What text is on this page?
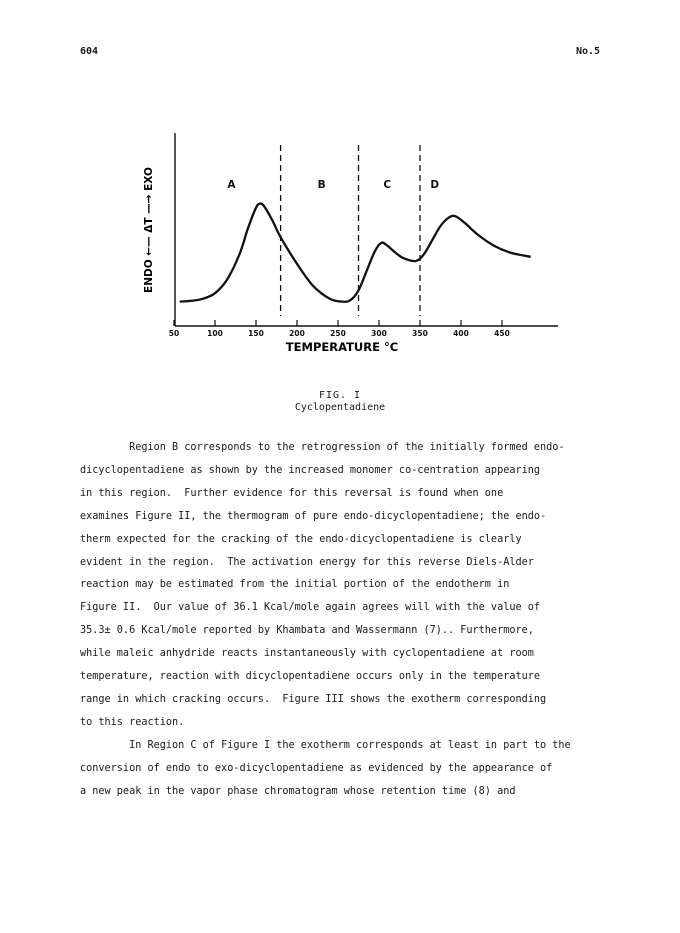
604	No.5
A	B	C	D
50	100	150	200	250	300	350	400	450
TEMPERATURE °C
ENDO ←— ΔT —→ EXO
FIG. I
Cyclopentadiene
Region B corresponds to the retrogression of the initially formed endo-
dicyclopentadiene as shown by the increased monomer co-centration appearing
in this region.  Further evidence for this reversal is found when one
examines Figure II, the thermogram of pure endo-dicyclopentadiene; the endo-
therm expected for the cracking of the endo-dicyclopentadiene is clearly
evident in the region.  The activation energy for this reverse Diels-Alder
reaction may be estimated from the initial portion of the endotherm in
Figure II.  Our value of 36.1 Kcal/mole again agrees will with the value of
35.3± 0.6 Kcal/mole reported by Khambata and Wassermann (7).. Furthermore,
while maleic anhydride reacts instantaneously with cyclopentadiene at room
temperature, reaction with dicyclopentadiene occurs only in the temperature
range in which cracking occurs.  Figure III shows the exotherm corresponding
to this reaction.
In Region C of Figure I the exotherm corresponds at least in part to the
conversion of endo to exo-dicyclopentadiene as evidenced by the appearance of
a new peak in the vapor phase chromatogram whose retention time (8) and
